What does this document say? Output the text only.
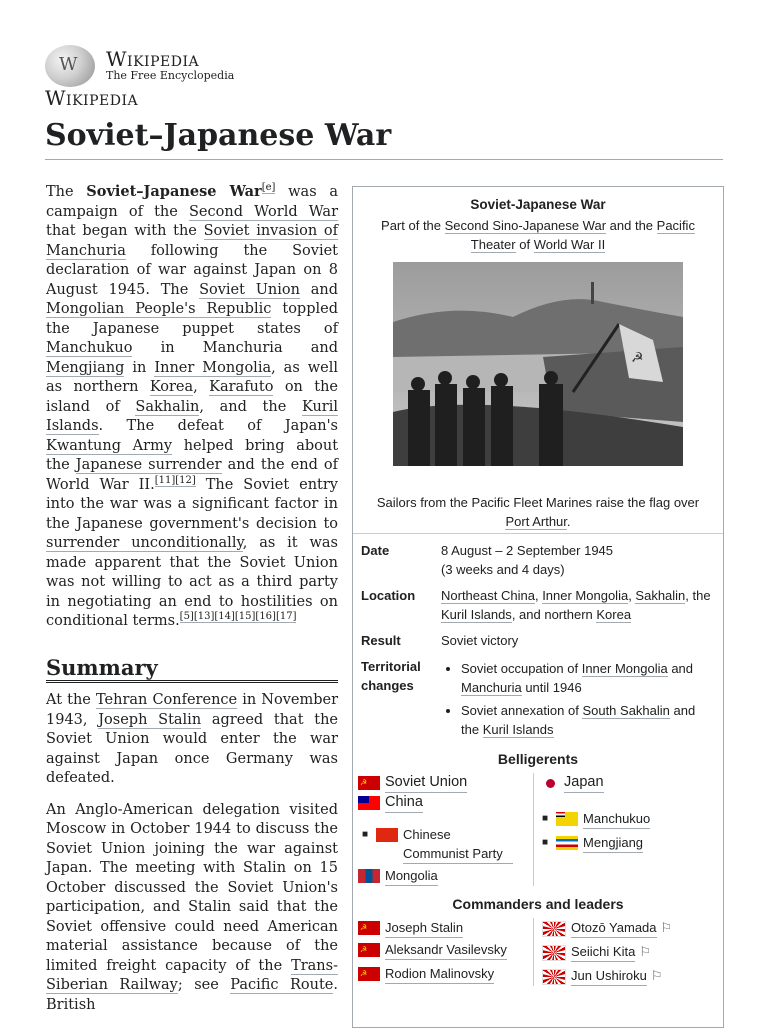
W
Wikipedia
The Free Encyclopedia
Wikipedia
Soviet–Japanese War

The Soviet–Japanese War[e] was a campaign of the Second World War that began with the Soviet invasion of Manchuria following the Soviet declaration of war against Japan on 8 August 1945. The Soviet Union and Mongolian People's Republic toppled the Japanese puppet states of Manchukuo in Manchuria and Mengjiang in Inner Mongolia, as well as northern Korea, Karafuto on the island of Sakhalin, and the Kuril Islands. The defeat of Japan's Kwantung Army helped bring about the Japanese surrender and the end of World War II.[11][12] The Soviet entry into the war was a significant factor in the Japanese government's decision to surrender unconditionally, as it was made apparent that the Soviet Union was not willing to act as a third party in negotiating an end to hostilities on conditional terms.[5][13][14][15][16][17]

Summary

At the Tehran Conference in November 1943, Joseph Stalin agreed that the Soviet Union would enter the war against Japan once Germany was defeated.

An Anglo-American delegation visited Moscow in October 1944 to discuss the Soviet Union joining the war against Japan. The meeting with Stalin on 15 October discussed the Soviet Union's participation, and Stalin said that the Soviet offensive could need American material assistance because of the limited freight capacity of the Trans-Siberian Railway; see Pacific Route. British

Soviet-Japanese War
Part of the Second Sino-Japanese War and the Pacific Theater of World War II
☭
Sailors from the Pacific Fleet Marines raise the flag over
Port Arthur.
Date	8 August – 2 September 1945
(3 weeks and 4 days)
Location	Northeast China, Inner Mongolia, Sakhalin, the Kuril Islands, and northern Korea
Result	Soviet victory
Territorial changes
• Soviet occupation of Inner Mongolia and Manchuria until 1946
• Soviet annexation of South Sakhalin and the Kuril Islands
Belligerents
☭
Soviet Union
China
■	Chinese Communist Party
Mongolia
Japan
■	Manchukuo
■	Mengjiang
Commanders and leaders
☭
Joseph Stalin
☭
Aleksandr Vasilevsky
☭
Rodion Malinovsky
Otozō Yamada ⚐
Seiichi Kita ⚐
Jun Ushiroku ⚐
